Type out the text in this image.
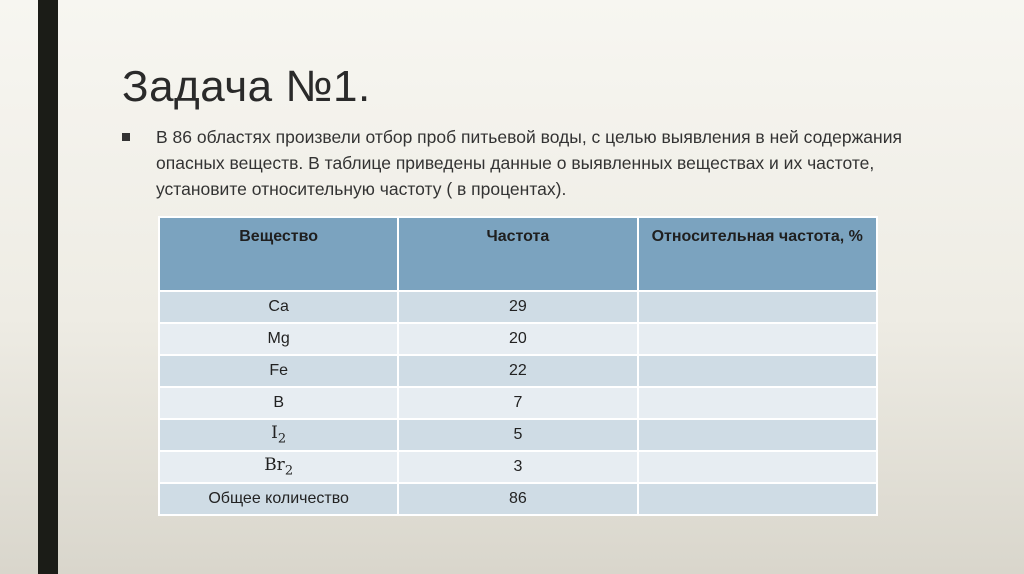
Задача №1.
В 86 областях произвели отбор проб питьевой воды, с целью выявления в ней содержания опасных веществ. В таблице приведены данные о выявленных веществах и их частоте, установите относительную частоту ( в процентах).
Вещество	Частота	Относительная частота, %
Ca	29	
Mg	20	
Fe	22	
B	7	
$I_2$	5	
$Br_2$	3	
Общее количество	86	
